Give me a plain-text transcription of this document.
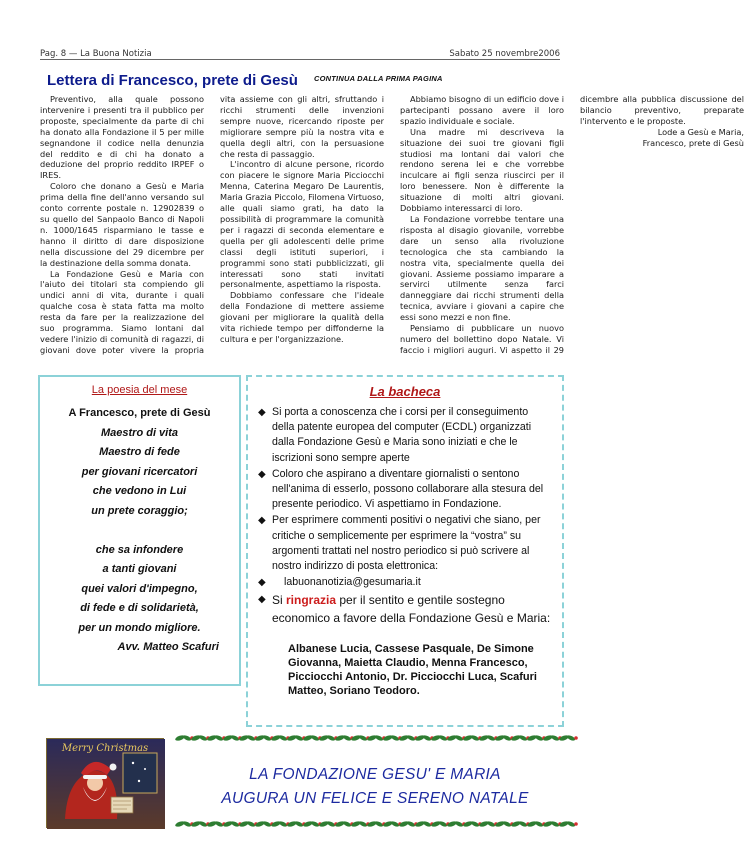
Pag. 8 — La Buona Notizia	Sabato 25 novembre2006
Lettera di Francesco, prete di Gesù CONTINUA DALLA PRIMA PAGINA

Preventivo, alla quale possono intervenire i presenti tra il pubblico per proposte, specialmente da parte di chi ha donato alla Fondazione il 5 per mille segnandone il codice nella denunzia del reddito e di chi ha donato a deduzione del proprio reddito IRPEF o IRES.

Coloro che donano a Gesù e Maria prima della fine dell'anno versando sul conto corrente postale n. 12902839 o su quello del Sanpaolo Banco di Napoli n. 1000/1645 risparmiano le tasse e hanno il diritto di dare disposizione nella discussione del 29 dicembre per la destinazione della somma donata.

La Fondazione Gesù e Maria con l'aiuto dei titolari sta compiendo gli undici anni di vita, durante i quali qualche cosa è stata fatta ma molto resta da fare per la realizzazione del suo programma. Siamo lontani dal vedere l'inizio di comunità di ragazzi, di giovani dove poter vivere la propria vita assieme con gli altri, sfruttando i ricchi strumenti delle invenzioni sempre nuove, ricercando riposte per migliorare sempre più la nostra vita e quella degli altri, con la persuasione che resta di passaggio.

L'incontro di alcune persone, ricordo con piacere le signore Maria Picciocchi Menna, Caterina Megaro De Laurentis, Maria Grazia Piccolo, Filomena Virtuoso, alle quali siamo grati, ha dato la possibilità di programmare la comunità per i ragazzi di seconda elementare e quella per gli adolescenti delle prime classi degli istituti superiori, i programmi sono stati pubblicizzati, gli interessati sono stati invitati personalmente, aspettiamo la risposta.

Dobbiamo confessare che l'ideale della Fondazione di mettere assieme giovani per migliorare la qualità della vita richiede tempo per diffonderne la cultura e per l'organizzazione.

Abbiamo bisogno di un edificio dove i partecipanti possano avere il loro spazio individuale e sociale.

Una madre mi descriveva la situazione dei suoi tre giovani figli studiosi ma lontani dai valori che rendono serena lei e che vorrebbe inculcare ai figli senza riuscirci per il loro benessere. Non è differente la situazione di molti altri giovani. Dobbiamo interessarci di loro.

La Fondazione vorrebbe tentare una risposta al disagio giovanile, vorrebbe dare un senso alla rivoluzione tecnologica che sta cambiando la nostra vita, specialmente quella dei giovani. Assieme possiamo imparare a servirci utilmente senza farci danneggiare dai ricchi strumenti della tecnica, avviare i giovani a capire che essi sono mezzi e non fine.

Pensiamo di pubblicare un nuovo numero del bollettino dopo Natale. Vi faccio i migliori auguri. Vi aspetto il 29 dicembre alla pubblica discussione del bilancio preventivo, preparate l'intervento e le proposte.

Lode a Gesù e Maria,

Francesco, prete di Gesù

La poesia del mese
A Francesco, prete di Gesù
Maestro di vita
Maestro di fede
per giovani ricercatori
che vedono in Lui
un prete coraggio;
che sa infondere
a tanti giovani
quei valori d'impegno,
di fede e di solidarietà,
per un mondo migliore.
Avv. Matteo Scafuri
La bacheca
◆ Si porta a conoscenza che i corsi per il conseguimento della patente europea del computer (ECDL) organizzati dalla Fondazione Gesù e Maria sono iniziati e che le iscrizioni sono sempre aperte
◆ Coloro che aspirano a diventare giornalisti o sentono nell'anima di esserlo, possono collaborare alla stesura del presente periodico. Vi aspettiamo in Fondazione.
◆ Per esprimere commenti positivi o negativi che siano, per critiche o semplicemente per esprimere la “vostra” su argomenti trattati nel nostro periodico si può scrivere al nostro indirizzo di posta elettronica:
◆ labuonanotizia@gesumaria.it
◆ Si ringrazia per il sentito e gentile sostegno economico a favore della Fondazione Gesù e Maria:
Albanese Lucia, Cassese Pasquale, De Simone Giovanna, Maietta Claudio, Menna Francesco, Picciocchi Antonio, Dr. Picciocchi Luca, Scafuri Matteo, Soriano Teodoro.
Merry Christmas
LA FONDAZIONE GESU' E MARIA
AUGURA UN FELICE E SERENO NATALE
